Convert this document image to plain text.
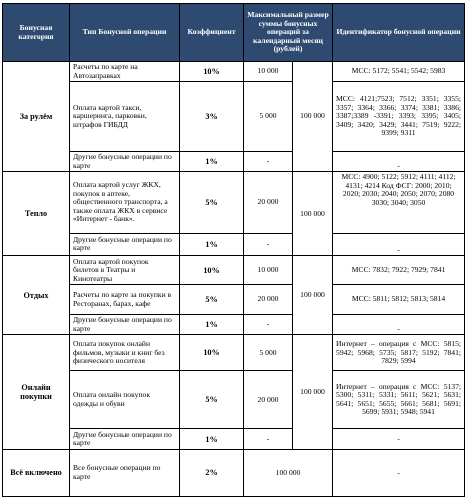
Бонусная категория	Тип Бонусной операции	Коэффициент	Максимальный размер суммы бонусных операций за календарный месяц (рублей)		Идентификатор бонусной операции
За рулём	Расчеты по карте на Автозаправках	10%	10 000	100 000	MCC: 5172; 5541; 5542; 5983
	Оплата картой такси, каршеринга, парковки, штрафов ГИБДД	3%	5 000		MCC: 4121;7523; 7512; 3351; 3355; 3357; 3364; 3366; 3374; 3381; 3386; 3387;3389 -3391; 3393; 3395; 3405; 3409; 3420; 3429; 3441; 7519; 9222; 9399; 9311
	Другие бонусные операции по карте	1%	-		-
Тепло	Оплата картой услуг ЖКХ, покупок в аптеке, общественного транспорта, а также оплата ЖКХ в сервисе «Интернет - банк».	5%	20 000	100 000	MCC: 4900; 5122; 5912; 4111; 4112; 4131; 4214 Код ФСГ: 2000; 2010; 2020; 2030; 2040; 2050; 2070; 2080 3030; 3040; 3050
	Другие бонусные операции по карте	1%	-		-
Отдых	Оплата картой покупок билетов в Театры и Кинотеатры	10%	10 000	100 000	MCC: 7832; 7922; 7929; 7841
	Расчеты по карте за покупки в Ресторанах, барах, кафе	5%	20 000		MCC: 5811; 5812; 5813; 5814
	Другие бонусные операции по карте	1%	-		-
Онлайн покупки	Оплата покупок онлайн фильмов, музыки и книг без физического носителя	10%	5 000	100 000	Интернет – операция с MCC: 5815; 5942; 5968; 5735; 5817; 5192; 7841; 7829; 5994
	Оплата онлайн покупок одежды и обуви	5%	20 000		Интернет – операция с MCC: 5137; 5300; 5311; 5331; 5611; 5621; 5631; 5641; 5651; 5655; 5661; 5681; 5691; 5699; 5931; 5948; 5941
	Другие бонусные операции по карте	1%	-		-
Всё включено	Все бонусные операции по карте	2%	100 000		-
